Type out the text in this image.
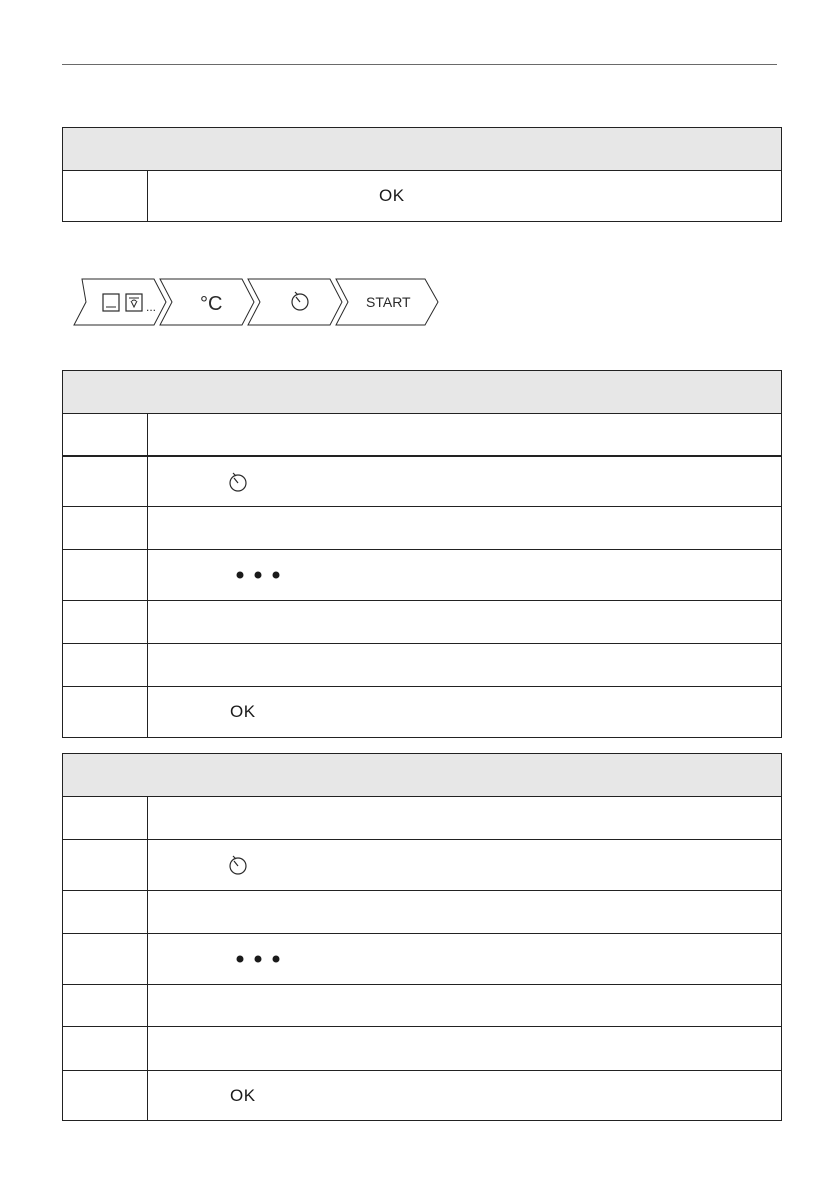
OK
... °C	START
OK
OK
